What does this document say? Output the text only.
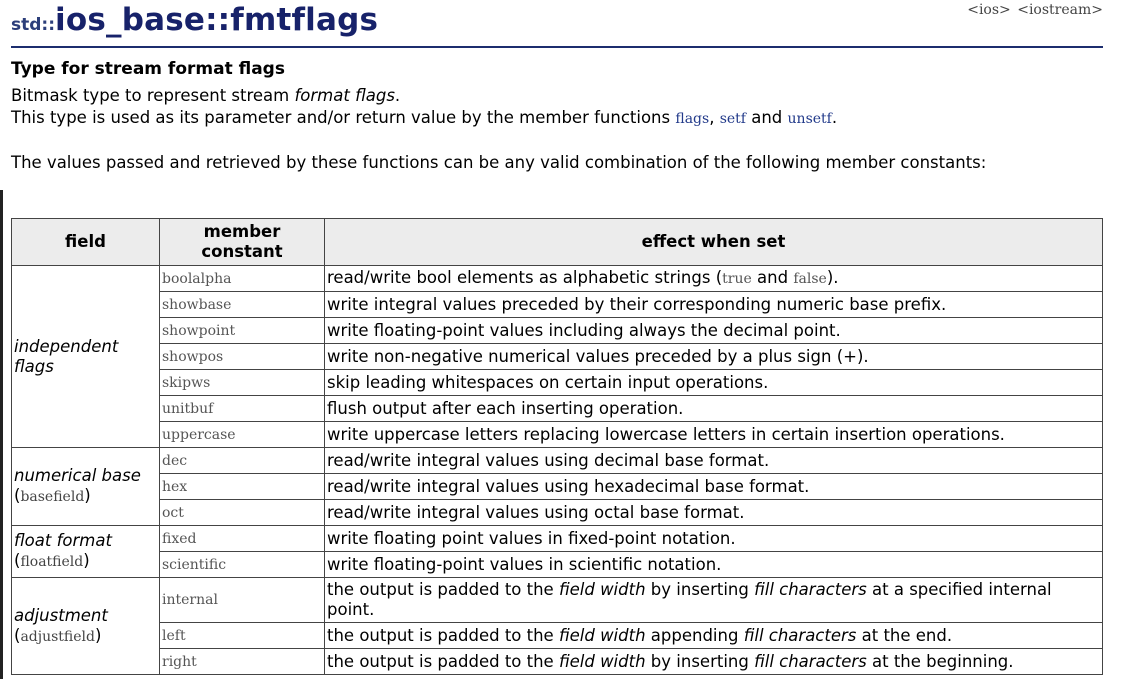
std::ios_base::fmtflags	<ios> <iostream>
Type for stream format flags

Bitmask type to represent stream format flags.

This type is used as its parameter and/or return value by the member functions flags, setf and unsetf.

The values passed and retrieved by these functions can be any valid combination of the following member constants:

field	member constant	effect when set
independent flags	boolalpha	read/write bool elements as alphabetic strings (true and false).
	showbase	write integral values preceded by their corresponding numeric base prefix.
	showpoint	write floating-point values including always the decimal point.
	showpos	write non-negative numerical values preceded by a plus sign (+).
	skipws	skip leading whitespaces on certain input operations.
	unitbuf	flush output after each inserting operation.
	uppercase	write uppercase letters replacing lowercase letters in certain insertion operations.
numerical base
(basefield)	dec	read/write integral values using decimal base format.
	hex	read/write integral values using hexadecimal base format.
	oct	read/write integral values using octal base format.
float format
(floatfield)	fixed	write floating point values in fixed-point notation.
	scientific	write floating-point values in scientific notation.
adjustment
(adjustfield)	internal	the output is padded to the field width by inserting fill characters at a specified internal point.
	left	the output is padded to the field width appending fill characters at the end.
	right	the output is padded to the field width by inserting fill characters at the beginning.
